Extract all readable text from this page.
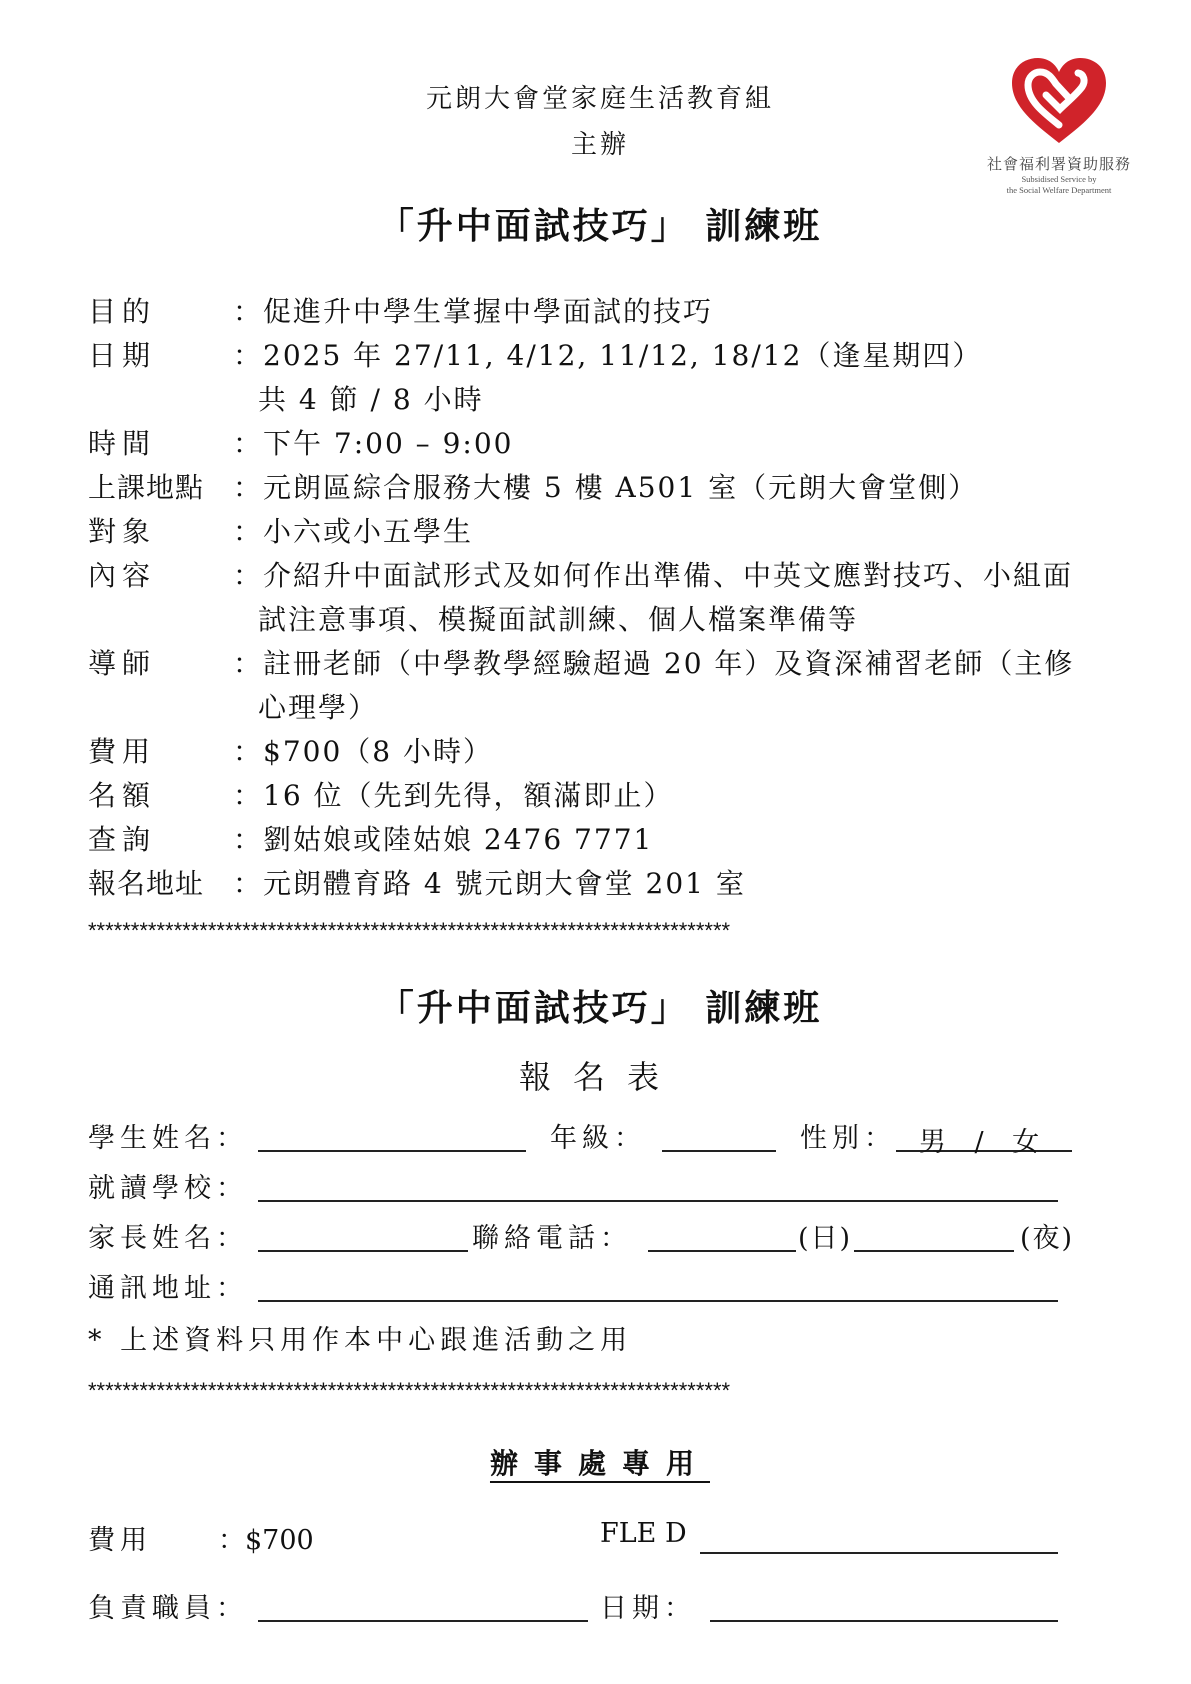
元朗大會堂家庭生活教育組
主辦
社會福利署資助服務
Subsidised Service by
the Social Welfare Department
「升中面試技巧」 訓練班
目的	：促進升中學生掌握中學面試的技巧
日期	：2025 年 27/11, 4/12, 11/12, 18/12（逢星期四）
共 4 節 / 8 小時
時間	：下午 7:00 – 9:00
上課地點 ：元朗區綜合服務大樓 5 樓 A501 室（元朗大會堂側）
對象	：小六或小五學生
內容	：介紹升中面試形式及如何作出準備、中英文應對技巧、小組面
試注意事項、模擬面試訓練、個人檔案準備等
導師	：註冊老師（中學教學經驗超過 20 年）及資深補習老師（主修
心理學）
費用	：$700（8 小時）
名額	：16 位（先到先得，額滿即止）
查詢	：劉姑娘或陸姑娘 2476 7771
報名地址 ：元朗體育路 4 號元朗大會堂 201 室
***************************************************************************
「升中面試技巧」 訓練班
報名表
學生姓名：	年級：	性別： 男 / 女
就讀學校：
家長姓名：	聯絡電話：	(日)	(夜)
通訊地址：
* 上述資料只用作本中心跟進活動之用
***************************************************************************
辦事處專用
費用 ：$700	FLE D
負責職員：	日期：
